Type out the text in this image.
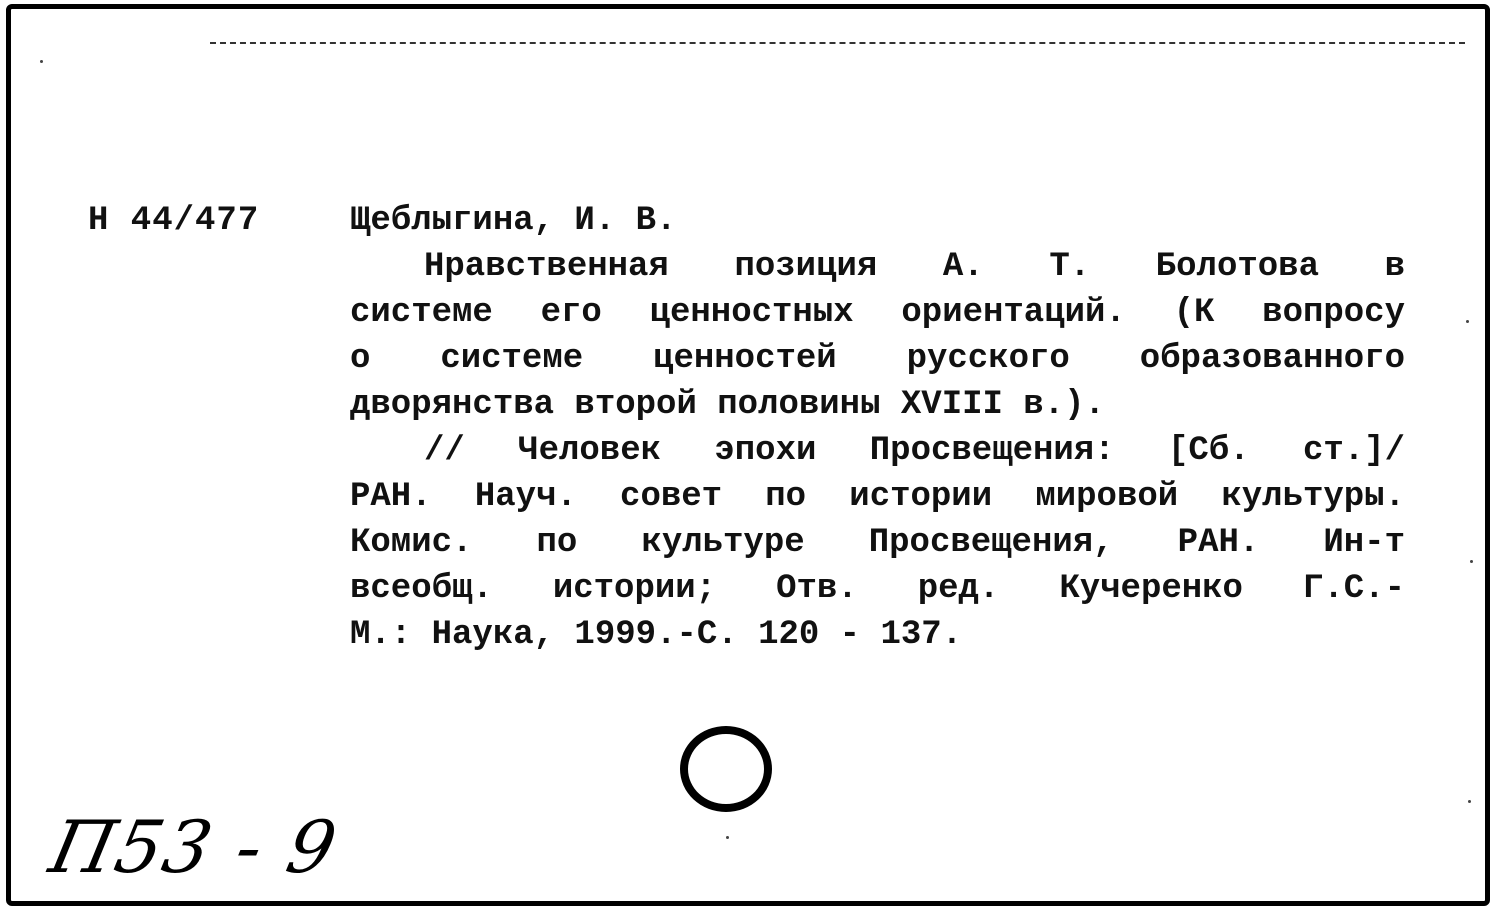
Н 44/477	Щеблыгина, И. В.
Нравственная позиция А. Т. Болотова в
системе его ценностных ориентаций. (К вопросу
о системе ценностей русского образованного
дворянства второй половины XVIII в.).
// Человек эпохи Просвещения: [Сб. ст.]/
РАН. Науч. совет по истории мировой культуры.
Комис. по культуре Просвещения, РАН. Ин-т
всеобщ. истории; Отв. ред. Кучеренко Г.С.-
М.: Наука, 1999.-С. 120 - 137.
П53 - 9
